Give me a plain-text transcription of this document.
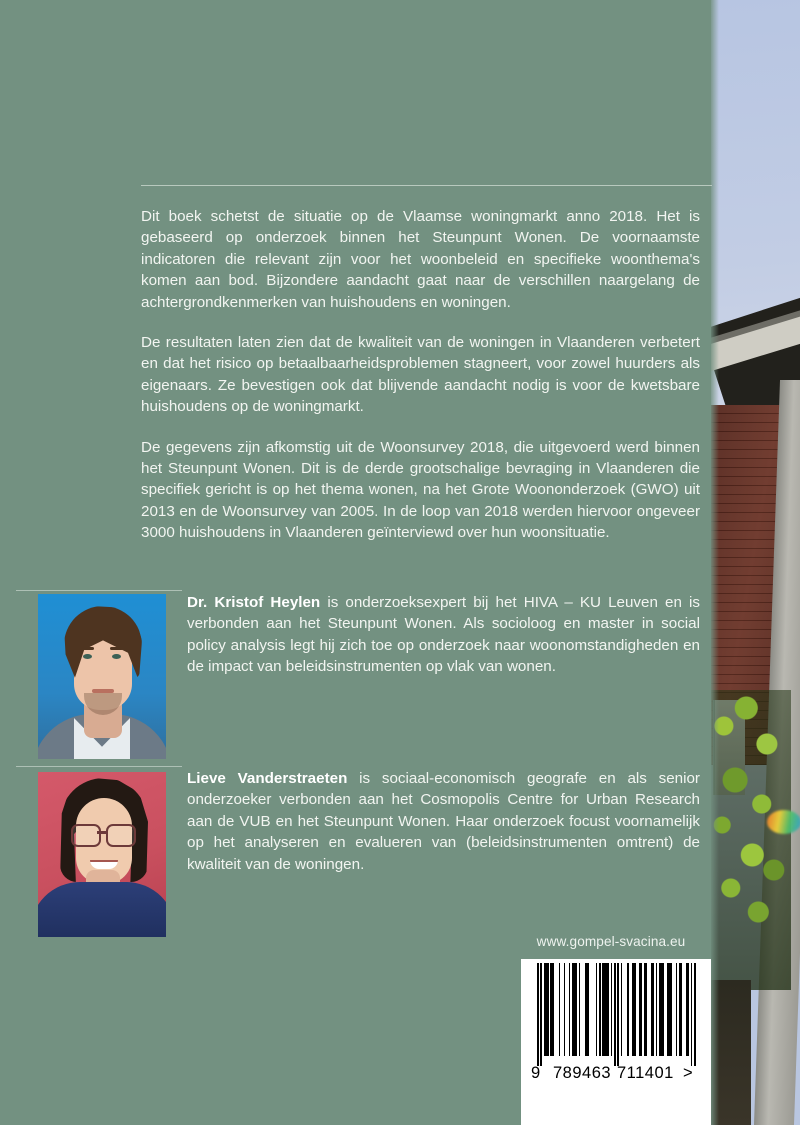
Dit boek schetst de situatie op de Vlaamse woningmarkt anno 2018. Het is gebaseerd op onderzoek binnen het Steunpunt Wonen. De voornaamste indicatoren die relevant zijn voor het woonbeleid en specifieke woonthema's komen aan bod. Bijzondere aandacht gaat naar de verschillen naargelang de achtergrondkenmerken van huishoudens en woningen.

De resultaten laten zien dat de kwaliteit van de woningen in Vlaanderen verbetert en dat het risico op betaalbaarheidsproblemen stagneert, voor zowel huurders als eigenaars. Ze bevestigen ook dat blijvende aandacht nodig is voor de kwetsbare huishoudens op de woningmarkt.

De gegevens zijn afkomstig uit de Woonsurvey 2018, die uitgevoerd werd binnen het Steunpunt Wonen. Dit is de derde grootschalige bevraging in Vlaanderen die specifiek gericht is op het thema wonen, na het Grote Woononderzoek (GWO) uit 2013 en de Woonsurvey van 2005. In de loop van 2018 werden hiervoor ongeveer 3000 huishoudens in Vlaanderen geïnterviewd over hun woonsituatie.

Dr. Kristof Heylen is onderzoeksexpert bij het HIVA – KU Leuven en is verbonden aan het Steunpunt Wonen. Als socioloog en master in social policy analysis legt hij zich toe op onderzoek naar woonomstandigheden en de impact van beleidsinstrumenten op vlak van wonen.
Lieve Vanderstraeten is sociaal-economisch geografe en als senior onderzoeker verbonden aan het Cosmopolis Centre for Urban Research aan de VUB en het Steunpunt Wonen. Haar onderzoek focust voornamelijk op het analyseren en evalueren van (beleidsinstrumenten omtrent) de kwaliteit van de woningen.
www.gompel-svacina.eu
9 789463 711401 >
